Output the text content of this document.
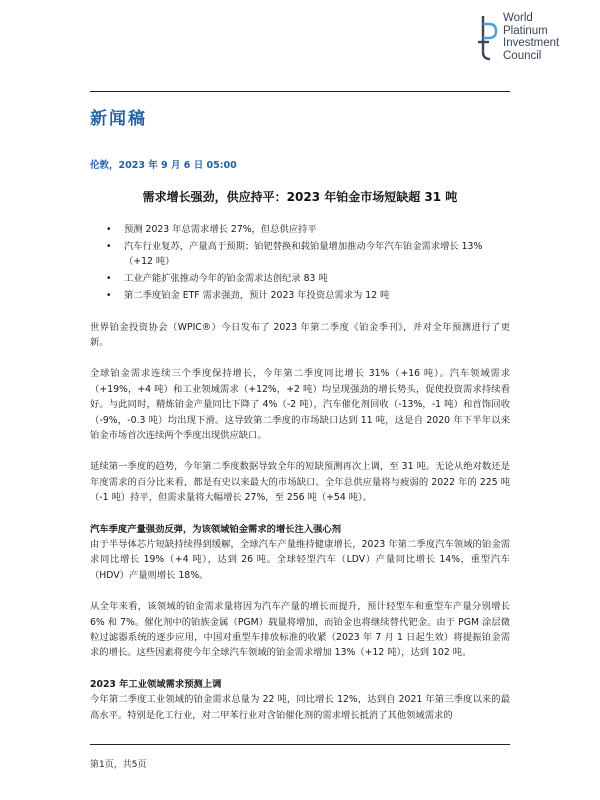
World
Platinum
Investment
Council
新闻稿
伦敦，2023 年 9 月 6 日 05:00
需求增长强劲，供应持平：2023 年铂金市场短缺超 31 吨
• 预测 2023 年总需求增长 27%，但总供应持平
• 汽车行业复苏，产量高于预期；铂钯替换和载铂量增加推动今年汽车铂金需求增长 13%（+12 吨）
• 工业产能扩张推动今年的铂金需求达创纪录 83 吨
• 第二季度铂金 ETF 需求强劲，预计 2023 年投资总需求为 12 吨

世界铂金投资协会（WPIC®）今日发布了 2023 年第二季度《铂金季刊》，并对全年预测进行了更新。

全球铂金需求连续三个季度保持增长，今年第二季度同比增长 31%（+16 吨）。汽车领域需求（+19%，+4 吨）和工业领域需求（+12%，+2 吨）均呈现强劲的增长势头，促使投资需求持续看好。与此同时，精炼铂金产量同比下降了 4%（-2 吨），汽车催化剂回收（-13%，-1 吨）和首饰回收（-9%，-0.3 吨）均出现下滑。这导致第二季度的市场缺口达到 11 吨，这是自 2020 年下半年以来铂金市场首次连续两个季度出现供应缺口。

延续第一季度的趋势，今年第二季度数据导致全年的短缺预测再次上调，至 31 吨。无论从绝对数还是年度需求的百分比来看，都是有史以来最大的市场缺口。全年总供应量将与疲弱的 2022 年的 225 吨（-1 吨）持平，但需求量将大幅增长 27%，至 256 吨（+54 吨）。

汽车季度产量强劲反弹，为该领域铂金需求的增长注入强心剂

由于半导体芯片短缺持续得到缓解，全球汽车产量维持健康增长，2023 年第二季度汽车领域的铂金需求同比增长 19%（+4 吨），达到 26 吨。全球轻型汽车（LDV）产量同比增长 14%，重型汽车（HDV）产量则增长 18%。

从全年来看，该领域的铂金需求量将因为汽车产量的增长而提升，预计轻型车和重型车产量分别增长 6% 和 7%。催化剂中的铂族金属（PGM）载量将增加，而铂金也将继续替代钯金。由于 PGM 涂层微粒过滤器系统的逐步应用，中国对重型车排放标准的收紧（2023 年 7 月 1 日起生效）将提振铂金需求的增长。这些因素将使今年全球汽车领域的铂金需求增加 13%（+12 吨），达到 102 吨。

2023 年工业领域需求预测上调

今年第二季度工业领域的铂金需求总量为 22 吨，同比增长 12%，达到自 2021 年第三季度以来的最高水平。特别是化工行业，对二甲苯行业对含铂催化剂的需求增长抵消了其他领域需求的

第1页，共5页
